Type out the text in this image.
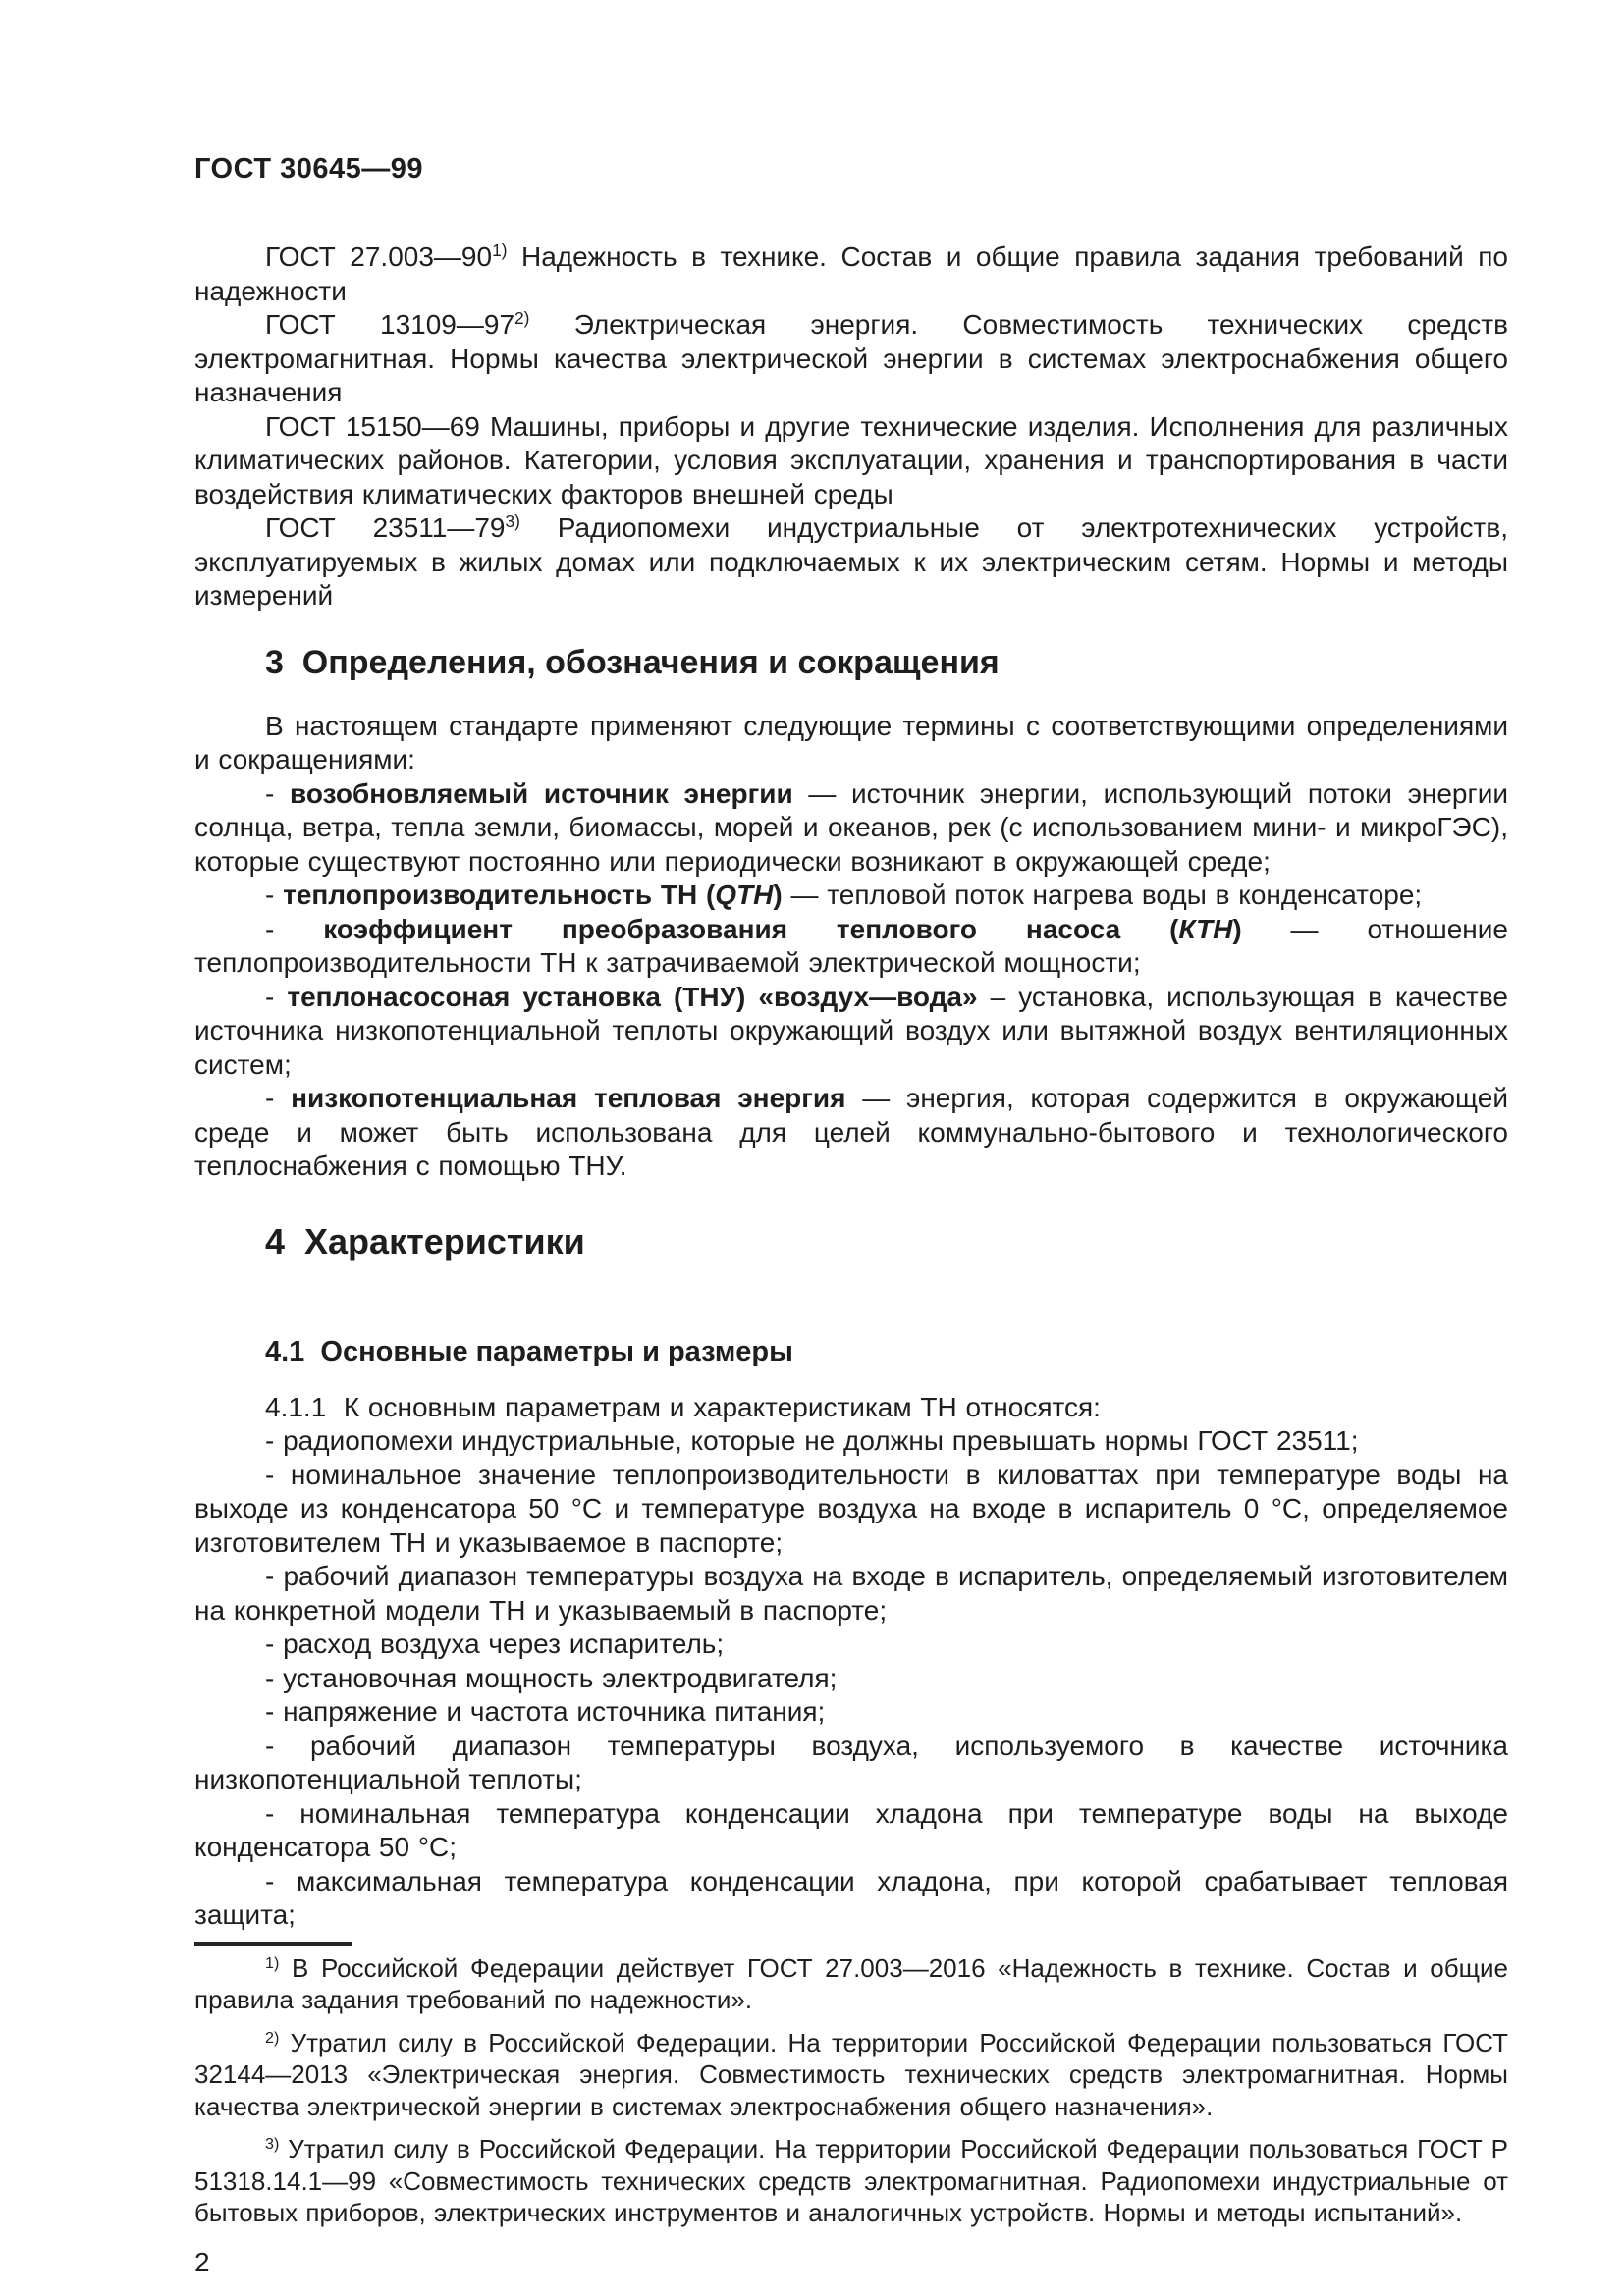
ГОСТ 30645—99

ГОСТ 27.003—90$^{1)}$ Надежность в технике. Состав и общие правила задания требований по надежности

ГОСТ 13109—97$^{2)}$ Электрическая энергия. Совместимость технических средств электромагнитная. Нормы качества электрической энергии в системах электроснабжения общего назначения

ГОСТ 15150—69 Машины, приборы и другие технические изделия. Исполнения для различных климатических районов. Категории, условия эксплуатации, хранения и транспортирования в части воздействия климатических факторов внешней среды

ГОСТ 23511—79$^{3)}$ Радиопомехи индустриальные от электротехнических устройств, эксплуатируемых в жилых домах или подключаемых к их электрическим сетям. Нормы и методы измерений

3  Определения, обозначения и сокращения

В настоящем стандарте применяют следующие термины с соответствующими определениями и сокращениями:

- возобновляемый источник энергии — источник энергии, использующий потоки энергии солнца, ветра, тепла земли, биомассы, морей и океанов, рек (с использованием мини- и микроГЭС), которые существуют постоянно или периодически возникают в окружающей среде;

- теплопроизводительность ТН (QТН) — тепловой поток нагрева воды в конденсаторе;

- коэффициент преобразования теплового насоса (КТН) — отношение теплопроизводительности ТН к затрачиваемой электрической мощности;

- теплонасосоная установка (ТНУ) «воздух—вода» – установка, использующая в качестве источника низкопотенциальной теплоты окружающий воздух или вытяжной воздух вентиляционных систем;

- низкопотенциальная тепловая энергия — энергия, которая содержится в окружающей среде и может быть использована для целей коммунально-бытового и технологического теплоснабжения с помощью ТНУ.

4  Характеристики
4.1  Основные параметры и размеры

4.1.1  К основным параметрам и характеристикам ТН относятся:

- радиопомехи индустриальные, которые не должны превышать нормы ГОСТ 23511;

- номинальное значение теплопроизводительности в киловаттах при температуре воды на выходе из конденсатора 50 °С и температуре воздуха на входе в испаритель 0 °С, определяемое изготовителем ТН и указываемое в паспорте;

- рабочий диапазон температуры воздуха на входе в испаритель, определяемый изготовителем на конкретной модели ТН и указываемый в паспорте;

- расход воздуха через испаритель;

- установочная мощность электродвигателя;

- напряжение и частота источника питания;

- рабочий диапазон температуры воздуха, используемого в качестве источника низкопотенциальной теплоты;

- номинальная температура конденсации хладона при температуре воды на выходе конденсатора 50 °С;

- максимальная температура конденсации хладона, при которой срабатывает тепловая защита;

$^{1)}$ В Российской Федерации действует ГОСТ 27.003—2016 «Надежность в технике. Состав и общие правила задания требований по надежности».

$^{2)}$ Утратил силу в Российской Федерации. На территории Российской Федерации пользоваться ГОСТ 32144—2013 «Электрическая энергия. Совместимость технических средств электромагнитная. Нормы качества электрической энергии в системах электроснабжения общего назначения».

$^{3)}$ Утратил силу в Российской Федерации. На территории Российской Федерации пользоваться ГОСТ Р 51318.14.1—99 «Совместимость технических средств электромагнитная. Радиопомехи индустриальные от бытовых приборов, электрических инструментов и аналогичных устройств. Нормы и методы испытаний».

2
